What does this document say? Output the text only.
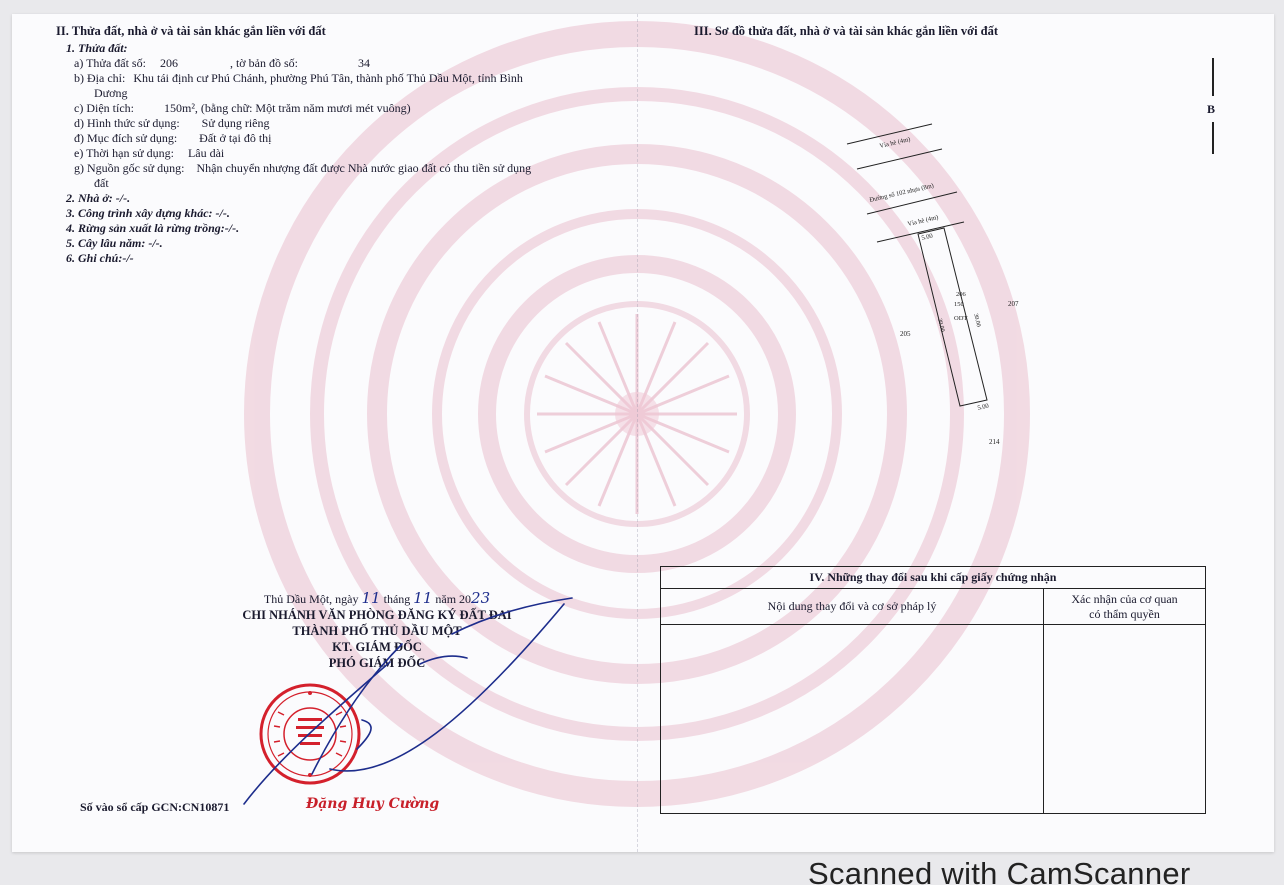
II. Thửa đất, nhà ở và tài sản khác gắn liền với đất
1. Thửa đất:
a) Thửa đất số:	206	, tờ bản đồ số:	34
b) Địa chỉ: Khu tái định cư Phú Chánh, phường Phú Tân, thành phố Thủ Dầu Một, tỉnh Bình
Dương
c) Diện tích:	150m², (bằng chữ: Một trăm năm mươi mét vuông)
d) Hình thức sử dụng:	Sử dụng riêng
đ) Mục đích sử dụng:	Đất ở tại đô thị
e) Thời hạn sử dụng:	Lâu dài
g) Nguồn gốc sử dụng:	Nhận chuyển nhượng đất được Nhà nước giao đất có thu tiền sử dụng
đất
2. Nhà ở: -/-.
3. Công trình xây dựng khác: -/-.
4. Rừng sản xuất là rừng trồng:-/-.
5. Cây lâu năm: -/-.
6. Ghi chú:-/-
Thủ Dầu Một, ngày 11 tháng 11 năm 2023
CHI NHÁNH VĂN PHÒNG ĐĂNG KÝ ĐẤT ĐAI
THÀNH PHỐ THỦ DẦU MỘT
KT. GIÁM ĐỐC
PHÓ GIÁM ĐỐC
Số vào sổ cấp GCN:CN10871	Đặng Huy Cường
III. Sơ đồ thửa đất, nhà ở và tài sản khác gắn liền với đất
B
Vỉa hè (4m)
Đường số 102 nhựa (8m)
Vỉa hè (4m)
5.00
206
150
ODT
30.00	30.00
5.00
205
207
214
IV. Những thay đổi sau khi cấp giấy chứng nhận
Nội dung thay đổi và cơ sở pháp lý	Xác nhận của cơ quan
có thẩm quyền
Scanned with CamScanner
